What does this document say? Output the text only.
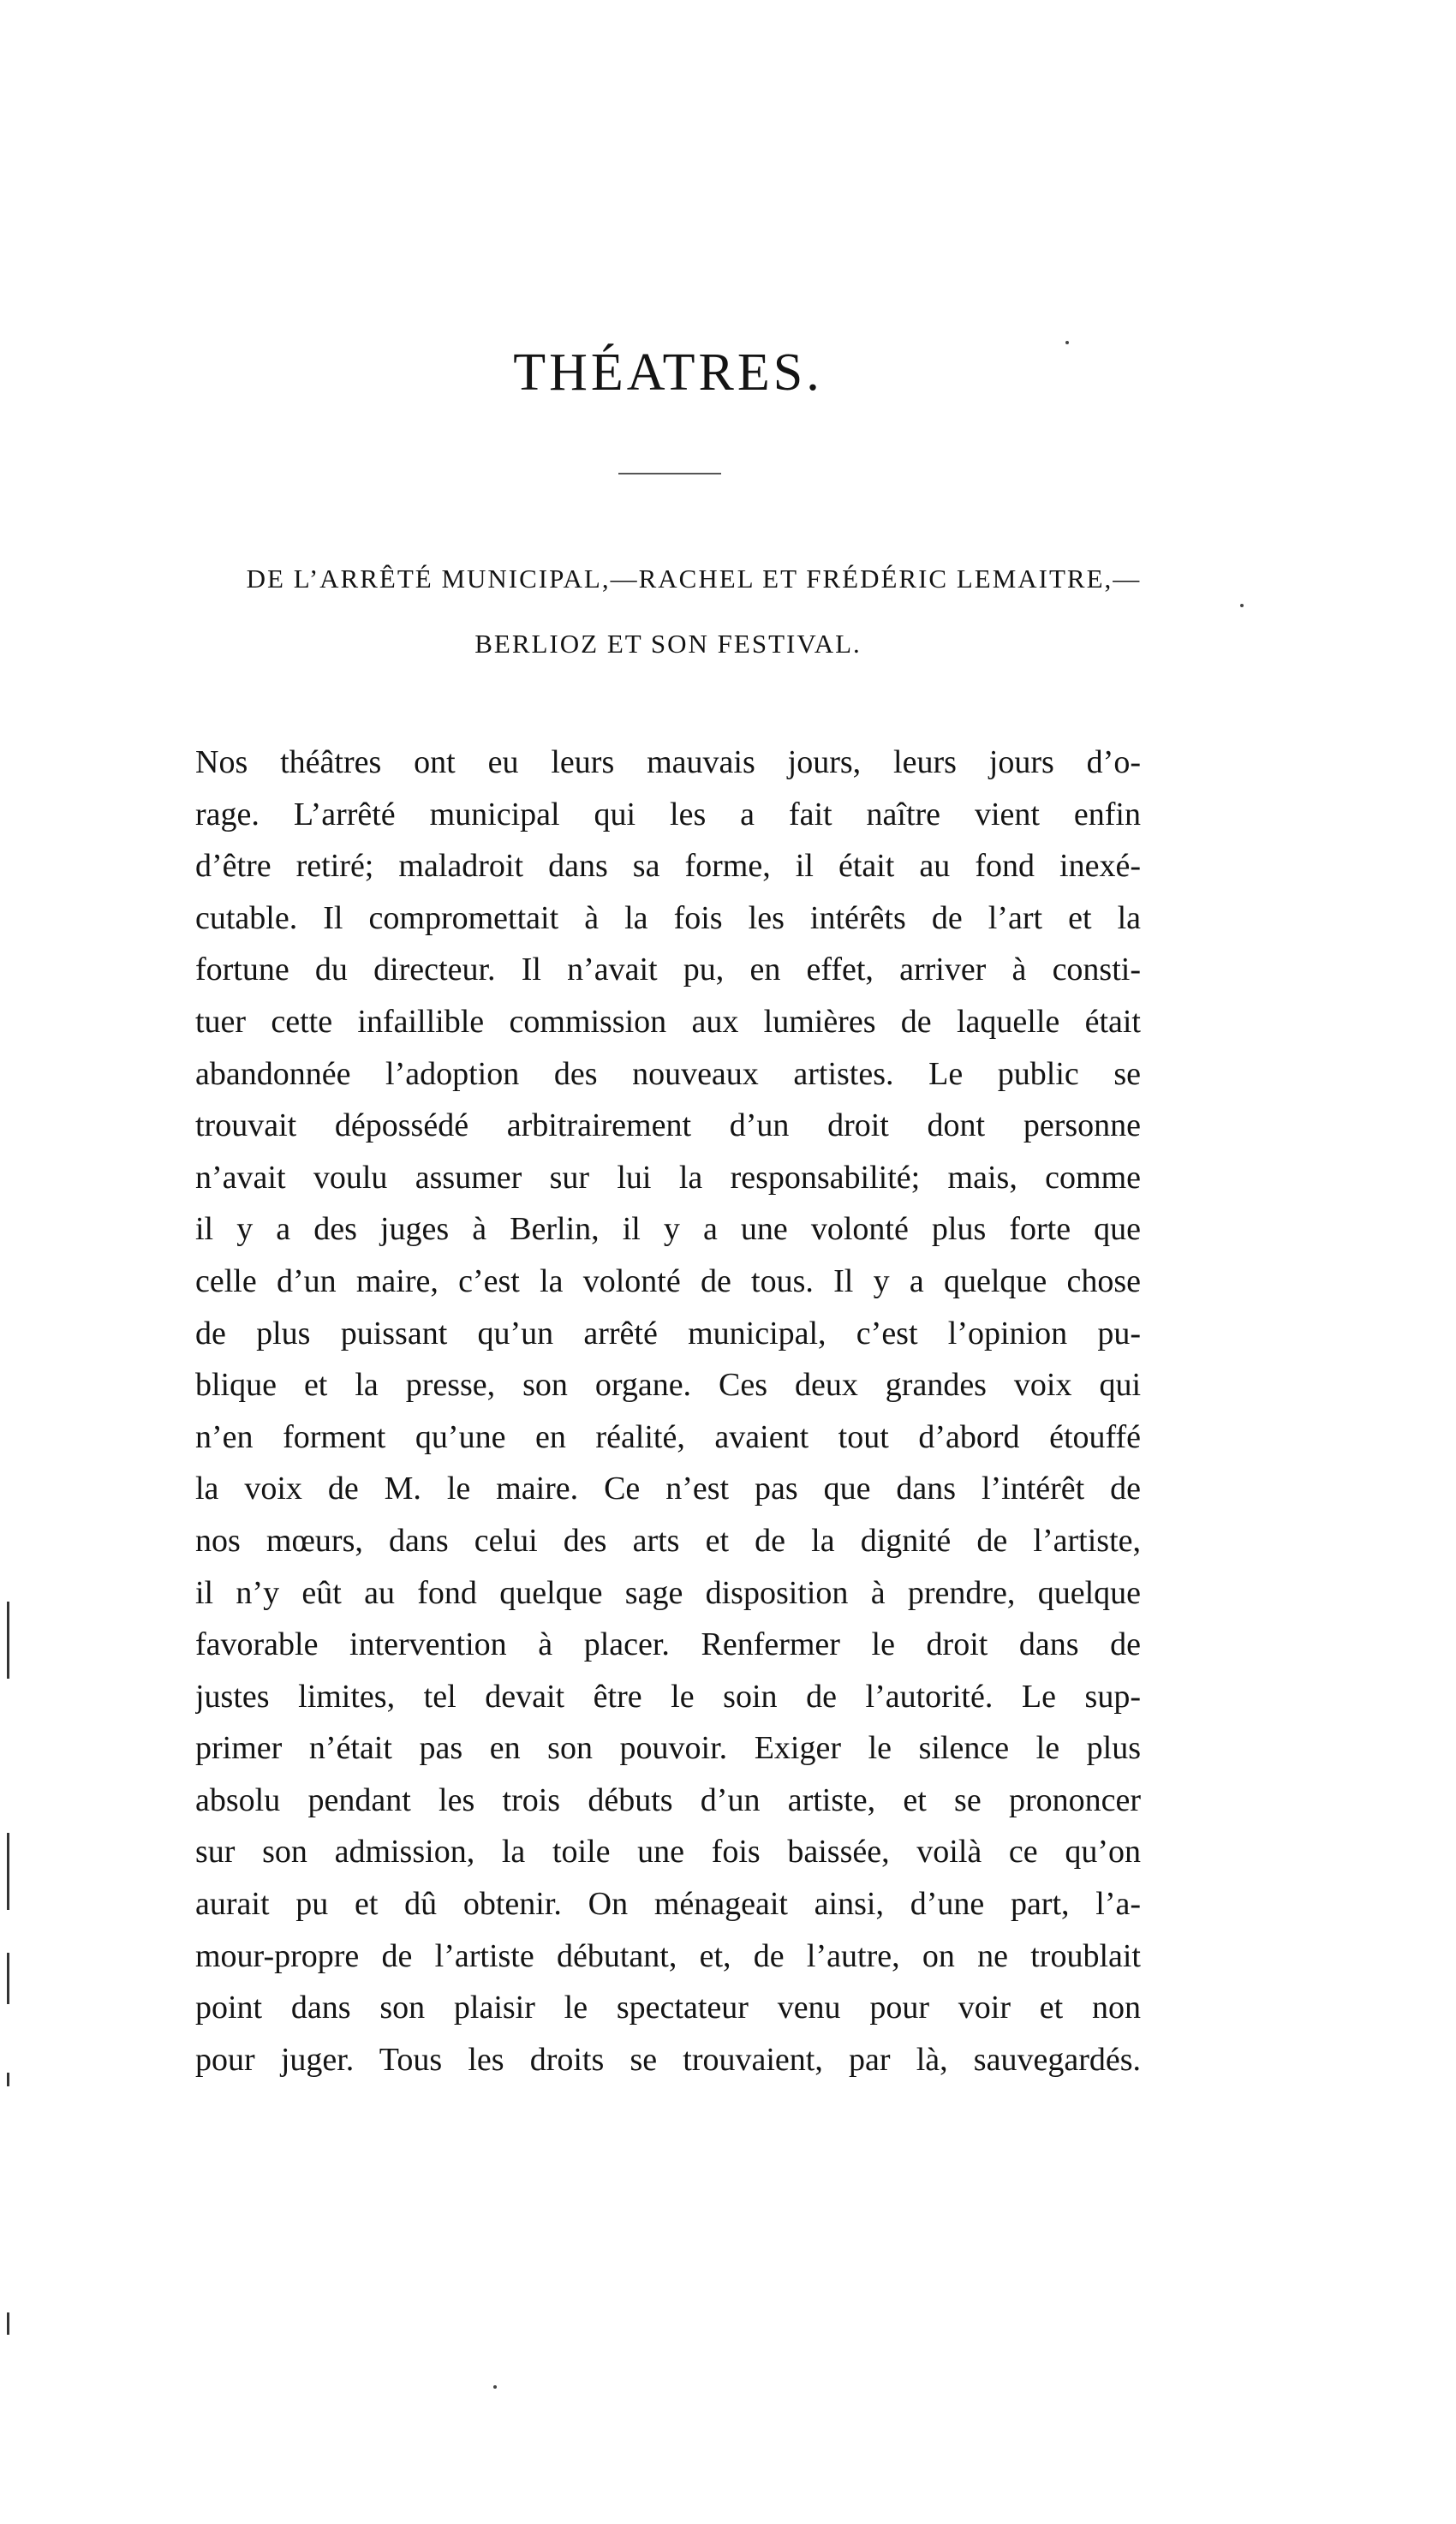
THÉATRES.

DE L’ARRÊTÉ MUNICIPAL,—RACHEL ET FRÉDÉRIC LEMAITRE,—

BERLIOZ ET SON FESTIVAL.

Nos théâtres ont eu leurs mauvais jours, leurs jours d’o-
rage. L’arrêté municipal qui les a fait naître vient enfin
d’être retiré; maladroit dans sa forme, il était au fond inexé-
cutable. Il compromettait à la fois les intérêts de l’art et la
fortune du directeur. Il n’avait pu, en effet, arriver à consti-
tuer cette infaillible commission aux lumières de laquelle était
abandonnée l’adoption des nouveaux artistes. Le public se
trouvait dépossédé arbitrairement d’un droit dont personne
n’avait voulu assumer sur lui la responsabilité; mais, comme
il y a des juges à Berlin, il y a une volonté plus forte que
celle d’un maire, c’est la volonté de tous. Il y a quelque chose
de plus puissant qu’un arrêté municipal, c’est l’opinion pu-
blique et la presse, son organe. Ces deux grandes voix qui
n’en forment qu’une en réalité, avaient tout d’abord étouffé
la voix de M. le maire. Ce n’est pas que dans l’intérêt de
nos mœurs, dans celui des arts et de la dignité de l’artiste,
il n’y eût au fond quelque sage disposition à prendre, quelque
favorable intervention à placer. Renfermer le droit dans de
justes limites, tel devait être le soin de l’autorité. Le sup-
primer n’était pas en son pouvoir. Exiger le silence le plus
absolu pendant les trois débuts d’un artiste, et se prononcer
sur son admission, la toile une fois baissée, voilà ce qu’on
aurait pu et dû obtenir. On ménageait ainsi, d’une part, l’a-
mour-propre de l’artiste débutant, et, de l’autre, on ne troublait
point dans son plaisir le spectateur venu pour voir et non
pour juger. Tous les droits se trouvaient, par là, sauvegardés.
